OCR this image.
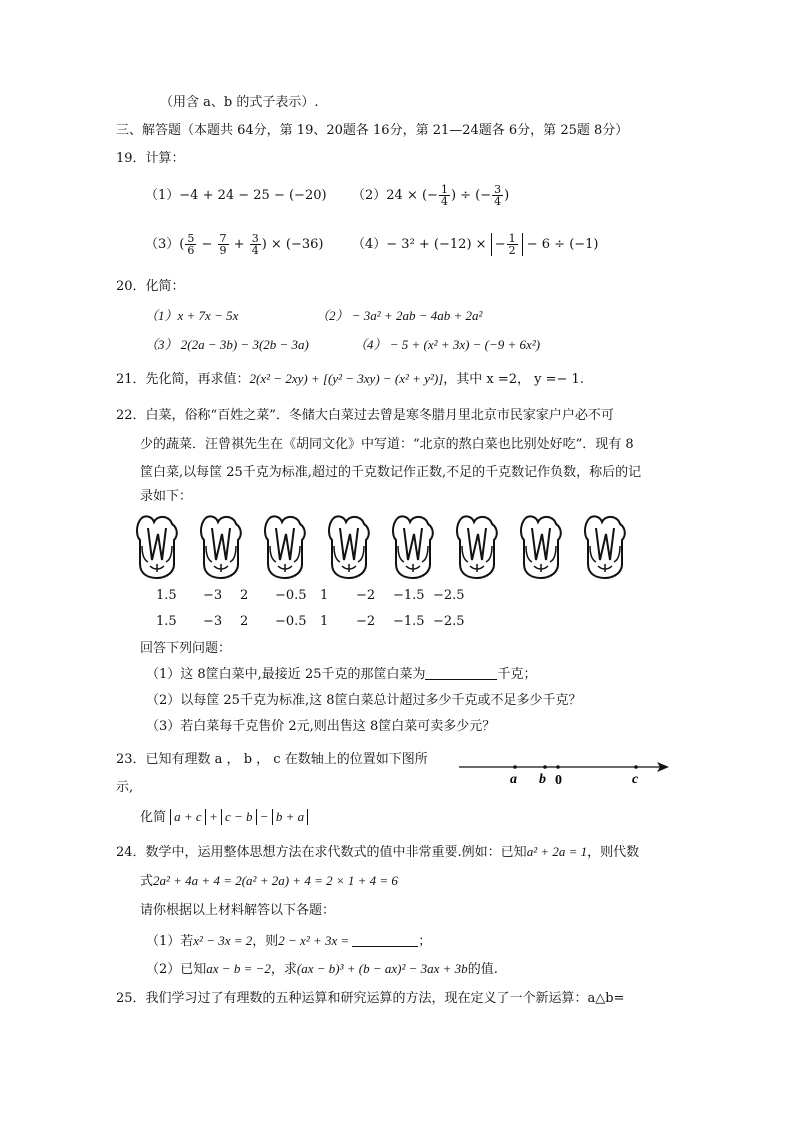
（用含 a、b 的式子表示）.
三、解答题（本题共 64分，第 19、20题各 16分，第 21—24题各 6分，第 25题 8分）
19．计算：
（1）−4 + 24 − 25 − (−20) （2）24 × (− $\frac{1}{4}$ ) ÷ (− $\frac{3}{4}$ )
$(3)( \frac{5}{6} - \frac{7}{9} + \frac{3}{4}$ ) × (−36) （4）− 3² + (−12) × − $\frac{1}{2} - 6 \div (-1)$
20．化简：
（1）x + 7x − 5x	（2） − 3a² + 2ab − 4ab + 2a²
（3） 2(2a − 3b) − 3(2b − 3a)	（4） − 5 + (x² + 3x) − (−9 + 6x²)
21．先化简，再求值：2(x² − 2xy) + [(y² − 3xy) − (x² + y²)]，其中 x =2， y =− 1.
22．白菜，俗称“百姓之菜”．冬储大白菜过去曾是寒冬腊月里北京市民家家户户必不可
少的蔬菜．汪曾祺先生在《胡同文化》中写道：“北京的熬白菜也比别处好吃”．现有 8
筐白菜,以每筐 25千克为标准,超过的千克数记作正数,不足的千克数记作负数，称后的记
录如下：
1.5 −3 2 −0.5 1 −2 −1.5 −2.5
1.5 −3 2 −0.5 1 −2 −1.5 −2.5
回答下列问题：
（1）这 8筐白菜中,最接近 25千克的那筐白菜为	千克；
（2）以每筐 25千克为标准,这 8筐白菜总计超过多少千克或不足多少千克？
（3）若白菜每千克售价 2元,则出售这 8筐白菜可卖多少元？
23．已知有理数 a ， b ， c 在数轴上的位置如下图所
示,
a b 0	c
化简 a + c + c − b − b + a
24．数学中，运用整体思想方法在求代数式的值中非常重要.例如：已知a² + 2a = 1，则代数
式2a² + 4a + 4 = 2(a² + 2a) + 4 = 2 × 1 + 4 = 6
请你根据以上材料解答以下各题：
（1）若x² − 3x = 2，则2 − x² + 3x =	；
（2）已知ax − b = −2，求(ax − b)³ + (b − ax)² − 3ax + 3b的值.
25．我们学习过了有理数的五种运算和研究运算的方法，现在定义了一个新运算：a△b=
